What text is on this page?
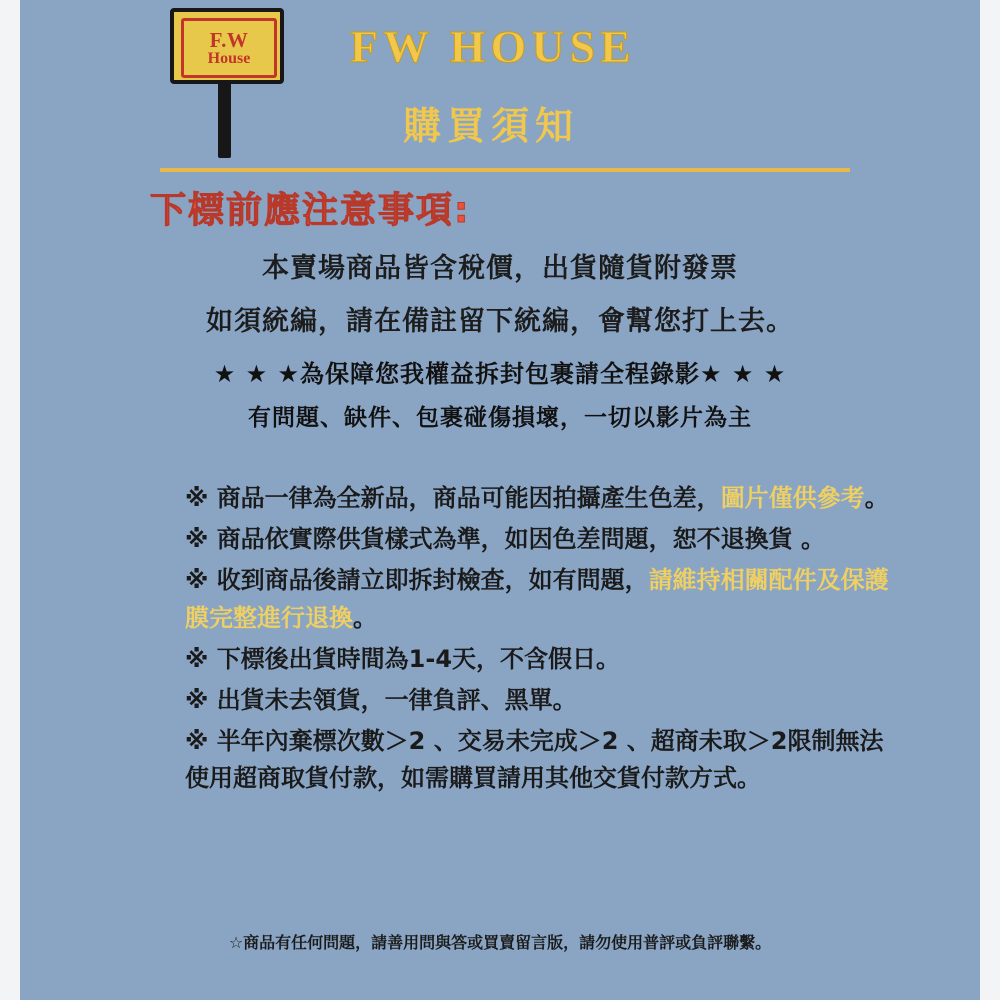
F.W
House FW HOUSE
購買須知
下標前應注意事項:
本賣場商品皆含稅價，出貨隨貨附發票
如須統編，請在備註留下統編，會幫您打上去。
★ ★ ★為保障您我權益拆封包裹請全程錄影★ ★ ★
有問題、缺件、包裹碰傷損壞，一切以影片為主
※ 商品一律為全新品，商品可能因拍攝產生色差，圖片僅供參考。
※ 商品依實際供貨樣式為準，如因色差問題，恕不退換貨 。
※ 收到商品後請立即拆封檢查，如有問題，請維持相關配件及保護膜完整進行退換。
※ 下標後出貨時間為1-4天，不含假日。
※ 出貨未去領貨，一律負評、黑單。
※ 半年內棄標次數＞2 、交易未完成＞2 、超商未取＞2限制無法使用超商取貨付款，如需購買請用其他交貨付款方式。
☆商品有任何問題，請善用問與答或買賣留言版，請勿使用普評或負評聯繫。
